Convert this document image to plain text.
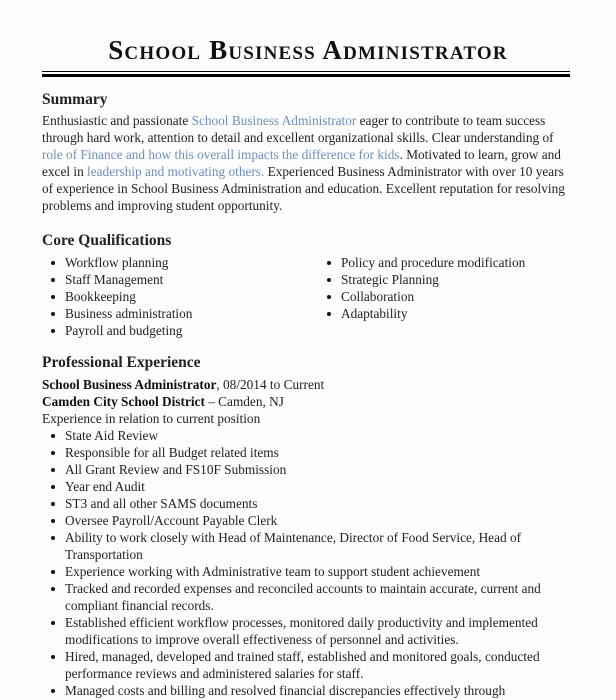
School Business Administrator
Summary

Enthusiastic and passionate School Business Administrator eager to contribute to team success through hard work, attention to detail and excellent organizational skills. Clear understanding of role of Finance and how this overall impacts the difference for kids. Motivated to learn, grow and excel in leadership and motivating others. Experienced Business Administrator with over 10 years of experience in School Business Administration and education. Excellent reputation for resolving problems and improving student opportunity.

Core Qualifications
Workflow planning
Staff Management
Bookkeeping
Business administration
Payroll and budgeting
Policy and procedure modification
Strategic Planning
Collaboration
Adaptability
Professional Experience

School Business Administrator, 08/2014 to Current

Camden City School District – Camden, NJ

Experience in relation to current position

State Aid Review
Responsible for all Budget related items
All Grant Review and FS10F Submission
Year end Audit
ST3 and all other SAMS documents
Oversee Payroll/Account Payable Clerk
Ability to work closely with Head of Maintenance, Director of Food Service, Head of Transportation
Experience working with Administrative team to support student achievement
Tracked and recorded expenses and reconciled accounts to maintain accurate, current and compliant financial records.
Established efficient workflow processes, monitored daily productivity and implemented modifications to improve overall effectiveness of personnel and activities.
Hired, managed, developed and trained staff, established and monitored goals, conducted performance reviews and administered salaries for staff.
Managed costs and billing and resolved financial discrepancies effectively through
